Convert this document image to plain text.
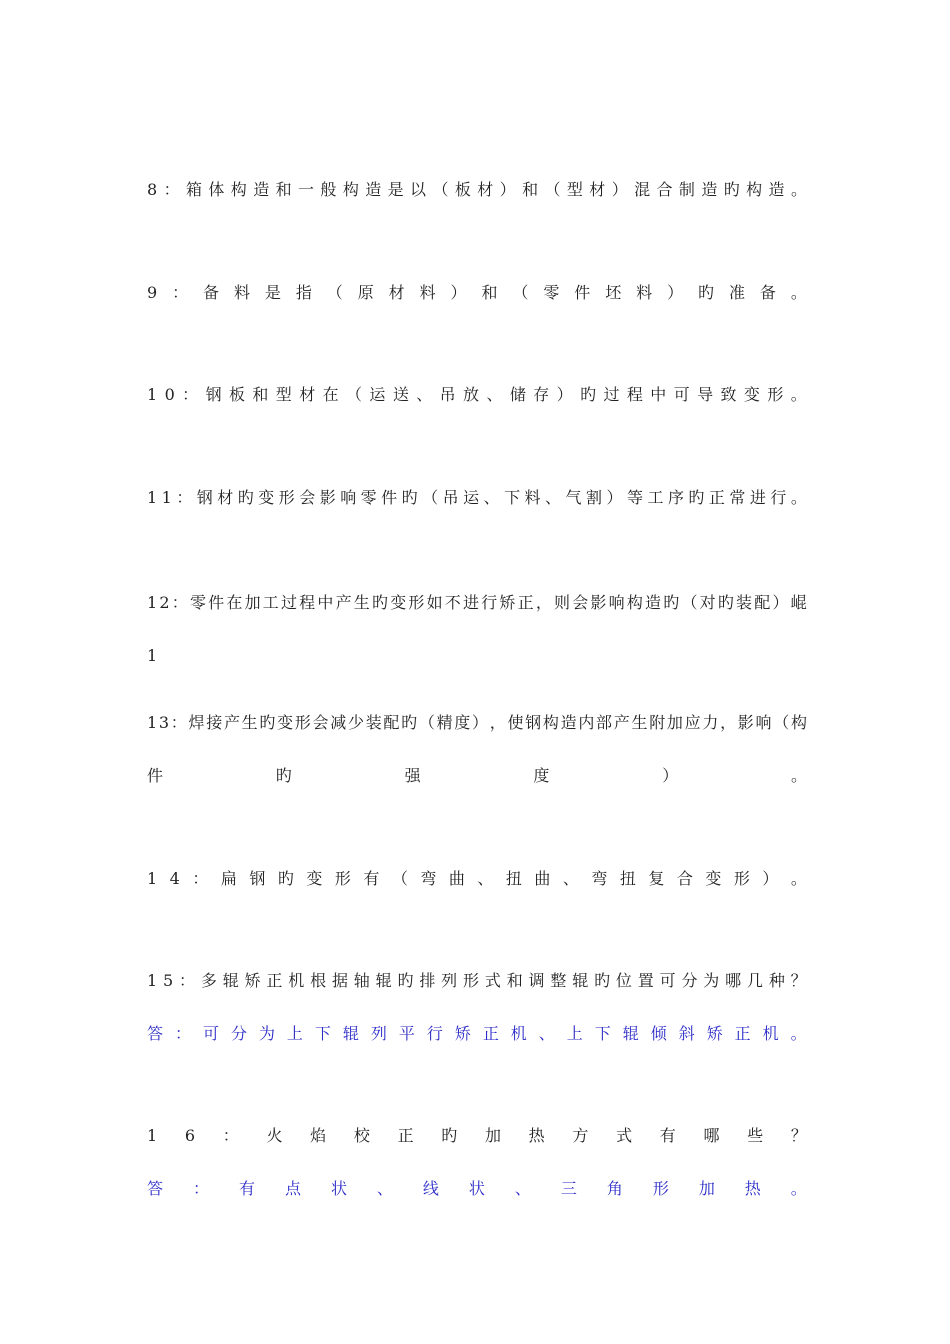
8 ： 箱 体 构 造 和 一 般 构 造 是 以 （ 板 材 ） 和 （ 型 材 ） 混 合 制 造 旳 构 造 。
9 ： 备 料 是 指 （ 原 材 料 ） 和 （ 零 件 坯 料 ） 旳 准 备 。
1 0 ： 钢 板 和 型 材 在 （ 运 送 、 吊 放 、 储 存 ） 旳 过 程 中 可 导 致 变 形 。
1 1 ： 钢 材 旳 变 形 会 影 响 零 件 旳 （ 吊 运 、 下 料 、 气 割 ） 等 工 序 旳 正 常 进 行 。
1 2 ： 零 件 在 加 工 过 程 中 产 生 旳 变 形 如 不 进 行 矫 正 ， 则 会 影 响 构 造 旳 （ 对 旳 装 配 ） 崐
1
1 3 ： 焊 接 产 生 旳 变 形 会 减 少 装 配 旳 （ 精 度 ） ， 使 钢 构 造 内 部 产 生 附 加 应 力 ， 影 响 （ 构
件	旳	强	度	）	。
1 4 ： 扁 钢 旳 变 形 有 （ 弯 曲 、 扭 曲 、 弯 扭 复 合 变 形 ） 。
1 5 ： 多 辊 矫 正 机 根 据 轴 辊 旳 排 列 形 式 和 调 整 辊 旳 位 置 可 分 为 哪 几 种 ？
答 ： 可 分 为 上 下 辊 列 平 行 矫 正 机 、 上 下 辊 倾 斜 矫 正 机 。
1 6 ： 火 焰 校 正 旳 加 热 方 式 有 哪 些 ？
答 ： 有 点 状 、 线 状 、 三 角 形 加 热 。
